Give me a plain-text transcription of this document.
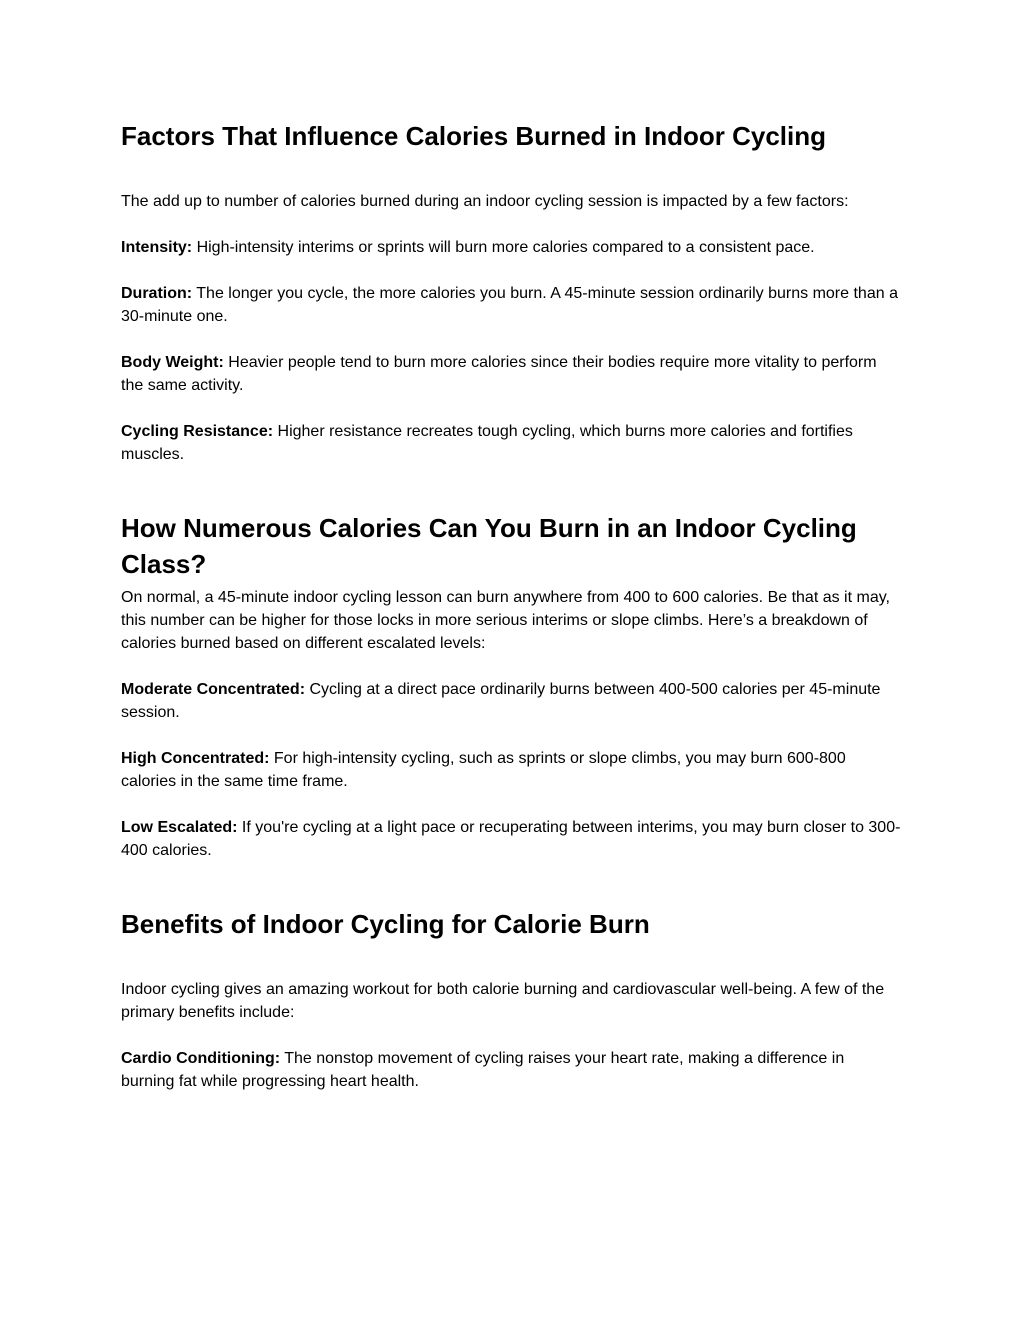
Factors That Influence Calories Burned in Indoor Cycling

The add up to number of calories burned during an indoor cycling session is impacted by a few factors:

Intensity: High-intensity interims or sprints will burn more calories compared to a consistent pace.

Duration: The longer you cycle, the more calories you burn. A 45-minute session ordinarily burns more than a 30-minute one.

Body Weight: Heavier people tend to burn more calories since their bodies require more vitality to perform the same activity.

Cycling Resistance: Higher resistance recreates tough cycling, which burns more calories and fortifies muscles.

How Numerous Calories Can You Burn in an Indoor Cycling Class?

On normal, a 45-minute indoor cycling lesson can burn anywhere from 400 to 600 calories. Be that as it may, this number can be higher for those locks in more serious interims or slope climbs. Here’s a breakdown of calories burned based on different escalated levels:

Moderate Concentrated: Cycling at a direct pace ordinarily burns between 400-500 calories per 45-minute session.

High Concentrated: For high-intensity cycling, such as sprints or slope climbs, you may burn 600-800 calories in the same time frame.

Low Escalated: If you're cycling at a light pace or recuperating between interims, you may burn closer to 300-400 calories.

Benefits of Indoor Cycling for Calorie Burn

Indoor cycling gives an amazing workout for both calorie burning and cardiovascular well-being. A few of the primary benefits include:

Cardio Conditioning: The nonstop movement of cycling raises your heart rate, making a difference in burning fat while progressing heart health.
